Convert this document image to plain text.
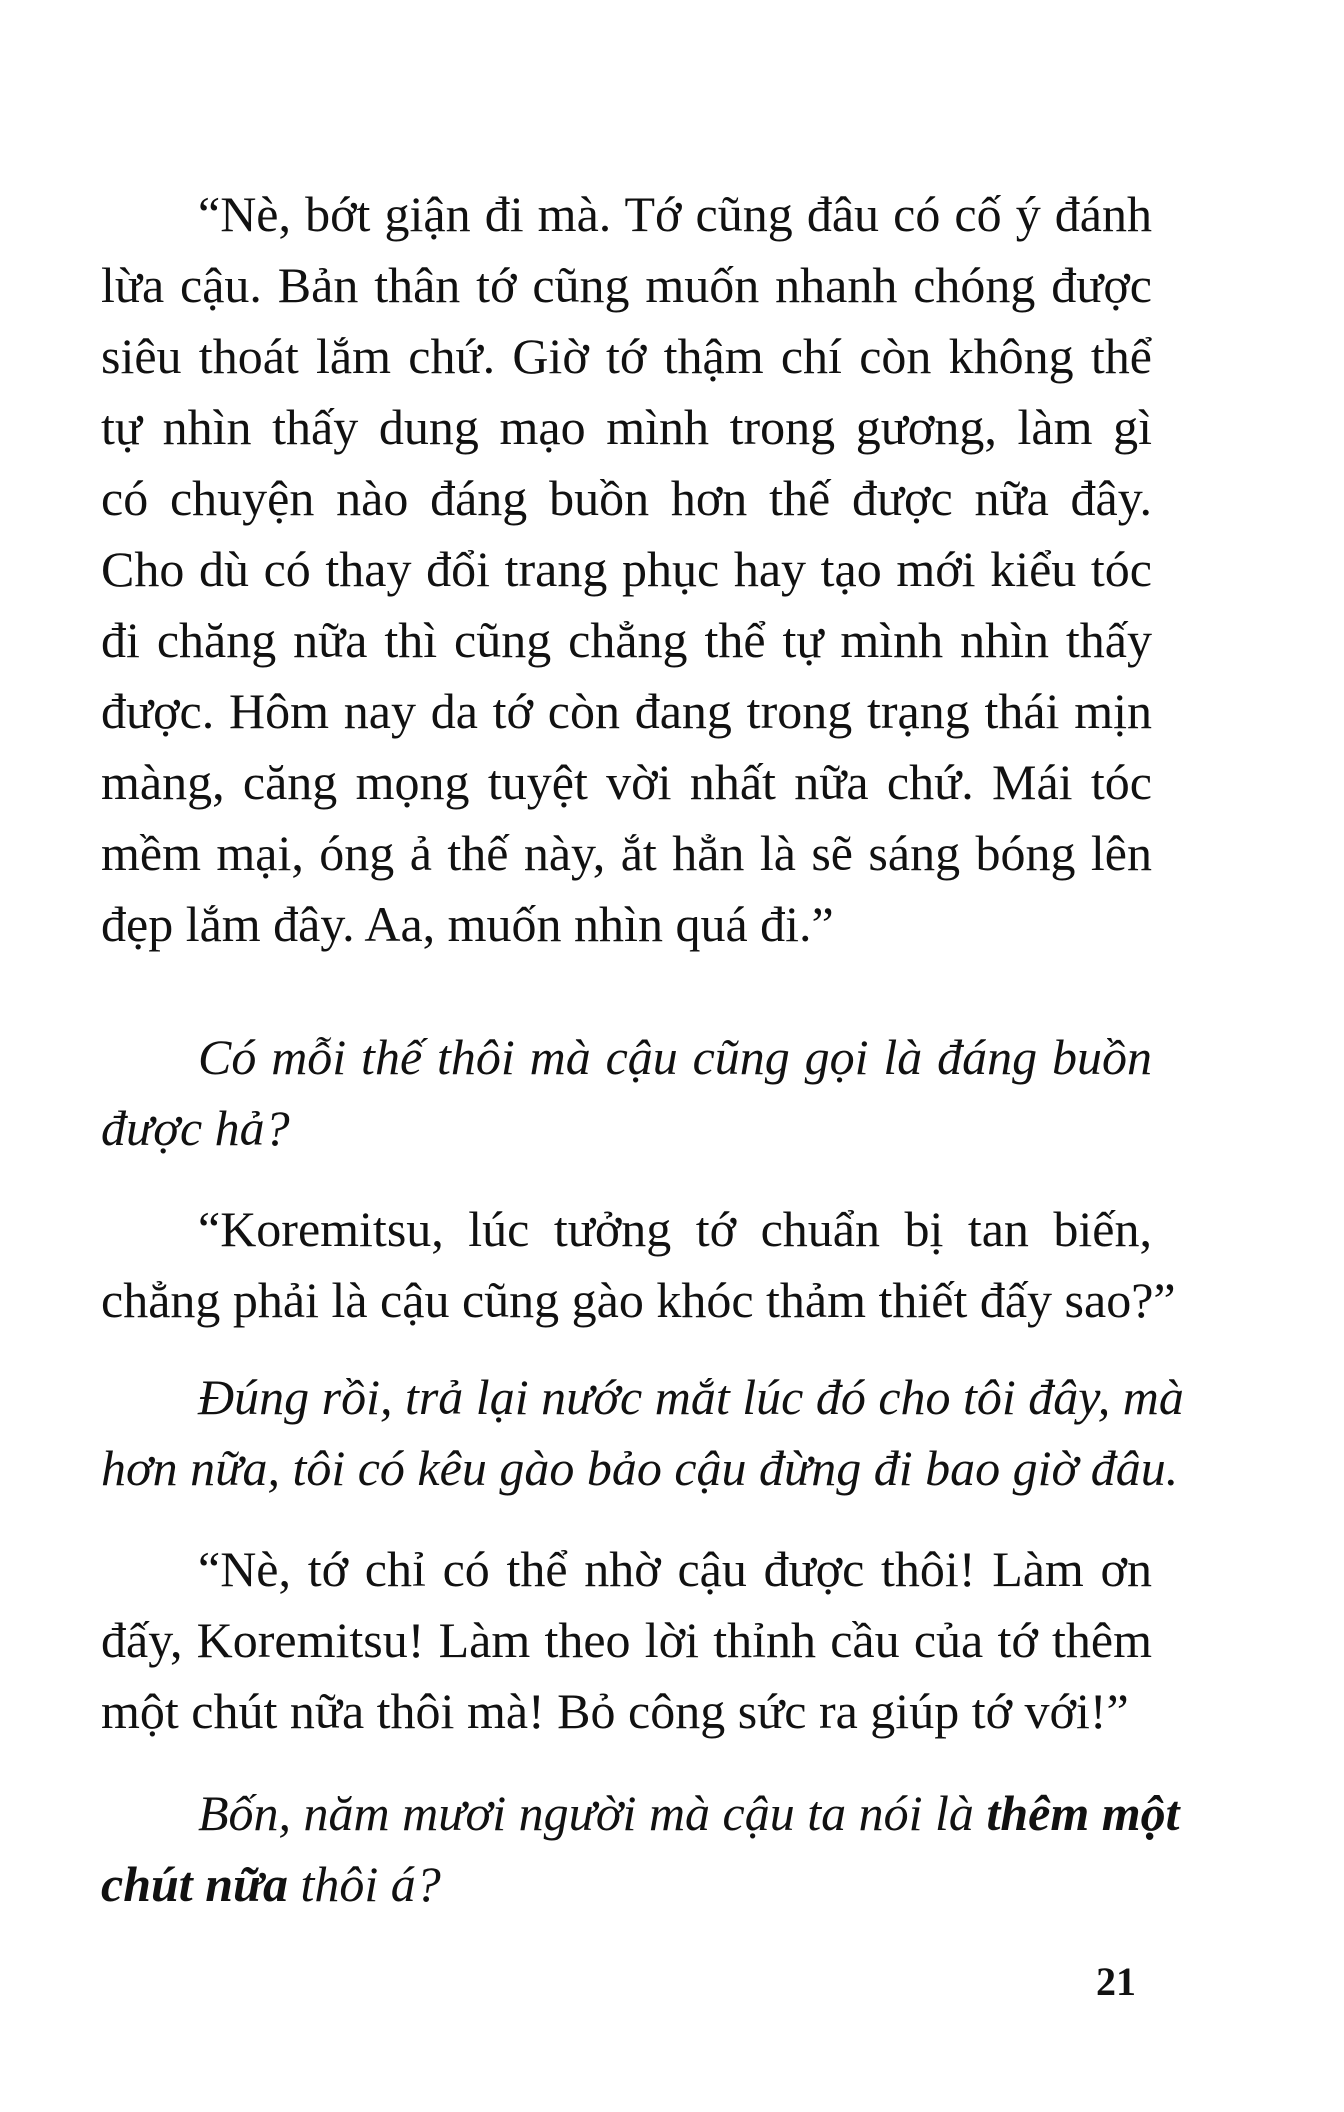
“Nè, bớt giận đi mà. Tớ cũng đâu có cố ý đánh
lừa cậu. Bản thân tớ cũng muốn nhanh chóng được
siêu thoát lắm chứ. Giờ tớ thậm chí còn không thể
tự nhìn thấy dung mạo mình trong gương, làm gì
có chuyện nào đáng buồn hơn thế được nữa đây.
Cho dù có thay đổi trang phục hay tạo mới kiểu tóc
đi chăng nữa thì cũng chẳng thể tự mình nhìn thấy
được. Hôm nay da tớ còn đang trong trạng thái mịn
màng, căng mọng tuyệt vời nhất nữa chứ. Mái tóc
mềm mại, óng ả thế này, ắt hẳn là sẽ sáng bóng lên
đẹp lắm đây. Aa, muốn nhìn quá đi.”
Có mỗi thế thôi mà cậu cũng gọi là đáng buồn
được hả?
“Koremitsu, lúc tưởng tớ chuẩn bị tan biến,
chẳng phải là cậu cũng gào khóc thảm thiết đấy sao?”
Đúng rồi, trả lại nước mắt lúc đó cho tôi đây, mà
hơn nữa, tôi có kêu gào bảo cậu đừng đi bao giờ đâu.
“Nè, tớ chỉ có thể nhờ cậu được thôi! Làm ơn
đấy, Koremitsu! Làm theo lời thỉnh cầu của tớ thêm
một chút nữa thôi mà! Bỏ công sức ra giúp tớ với!”
Bốn, năm mươi người mà cậu ta nói là thêm một
chút nữa thôi á?
21
